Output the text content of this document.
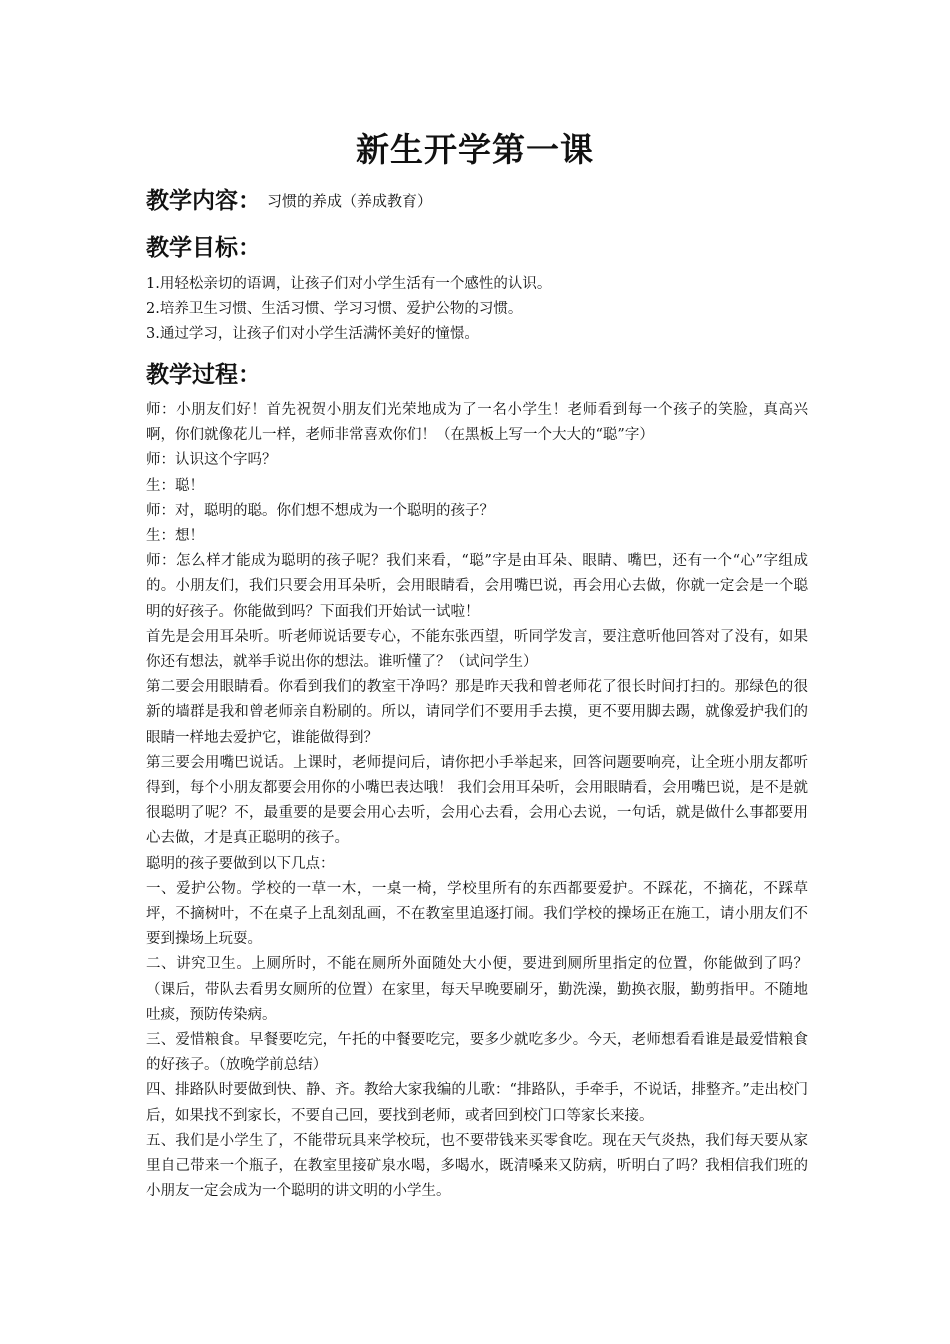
新生开学第一课
教学内容： 习惯的养成（养成教育）
教学目标：
1.用轻松亲切的语调，让孩子们对小学生活有一个感性的认识。
2.培养卫生习惯、生活习惯、学习习惯、爱护公物的习惯。
3.通过学习，让孩子们对小学生活满怀美好的憧憬。
教学过程：

师：小朋友们好！首先祝贺小朋友们光荣地成为了一名小学生！老师看到每一个孩子的笑脸，真高兴啊，你们就像花儿一样，老师非常喜欢你们！（在黑板上写一个大大的“聪”字）

师：认识这个字吗？

生：聪！

师：对，聪明的聪。你们想不想成为一个聪明的孩子？

生：想！

师：怎么样才能成为聪明的孩子呢？我们来看，“聪”字是由耳朵、眼睛、嘴巴，还有一个“心”字组成的。小朋友们，我们只要会用耳朵听，会用眼睛看，会用嘴巴说，再会用心去做，你就一定会是一个聪明的好孩子。你能做到吗？下面我们开始试一试啦！

首先是会用耳朵听。听老师说话要专心，不能东张西望，听同学发言，要注意听他回答对了没有，如果你还有想法，就举手说出你的想法。谁听懂了？（试问学生）

第二要会用眼睛看。你看到我们的教室干净吗？那是昨天我和曾老师花了很长时间打扫的。那绿色的很新的墙群是我和曾老师亲自粉刷的。所以，请同学们不要用手去摸，更不要用脚去踢，就像爱护我们的眼睛一样地去爱护它，谁能做得到？

第三要会用嘴巴说话。上课时，老师提问后，请你把小手举起来，回答问题要响亮，让全班小朋友都听得到，每个小朋友都要会用你的小嘴巴表达哦！ 我们会用耳朵听，会用眼睛看，会用嘴巴说，是不是就很聪明了呢？不，最重要的是要会用心去听，会用心去看，会用心去说，一句话，就是做什么事都要用心去做，才是真正聪明的孩子。

聪明的孩子要做到以下几点：

一、爱护公物。学校的一草一木，一桌一椅，学校里所有的东西都要爱护。不踩花，不摘花，不踩草坪，不摘树叶，不在桌子上乱刻乱画，不在教室里追逐打闹。我们学校的操场正在施工，请小朋友们不要到操场上玩耍。

二、讲究卫生。上厕所时，不能在厕所外面随处大小便，要进到厕所里指定的位置，你能做到了吗？（课后，带队去看男女厕所的位置）在家里，每天早晚要刷牙，勤洗澡，勤换衣服，勤剪指甲。不随地吐痰，预防传染病。

三、爱惜粮食。早餐要吃完，午托的中餐要吃完，要多少就吃多少。今天，老师想看看谁是最爱惜粮食的好孩子。（放晚学前总结）

四、排路队时要做到快、静、齐。教给大家我编的儿歌：“排路队，手牵手，不说话，排整齐。”走出校门后，如果找不到家长，不要自己回，要找到老师，或者回到校门口等家长来接。

五、我们是小学生了，不能带玩具来学校玩，也不要带钱来买零食吃。现在天气炎热，我们每天要从家里自己带来一个瓶子，在教室里接矿泉水喝，多喝水，既清嗓来又防病，听明白了吗？我相信我们班的小朋友一定会成为一个聪明的讲文明的小学生。
